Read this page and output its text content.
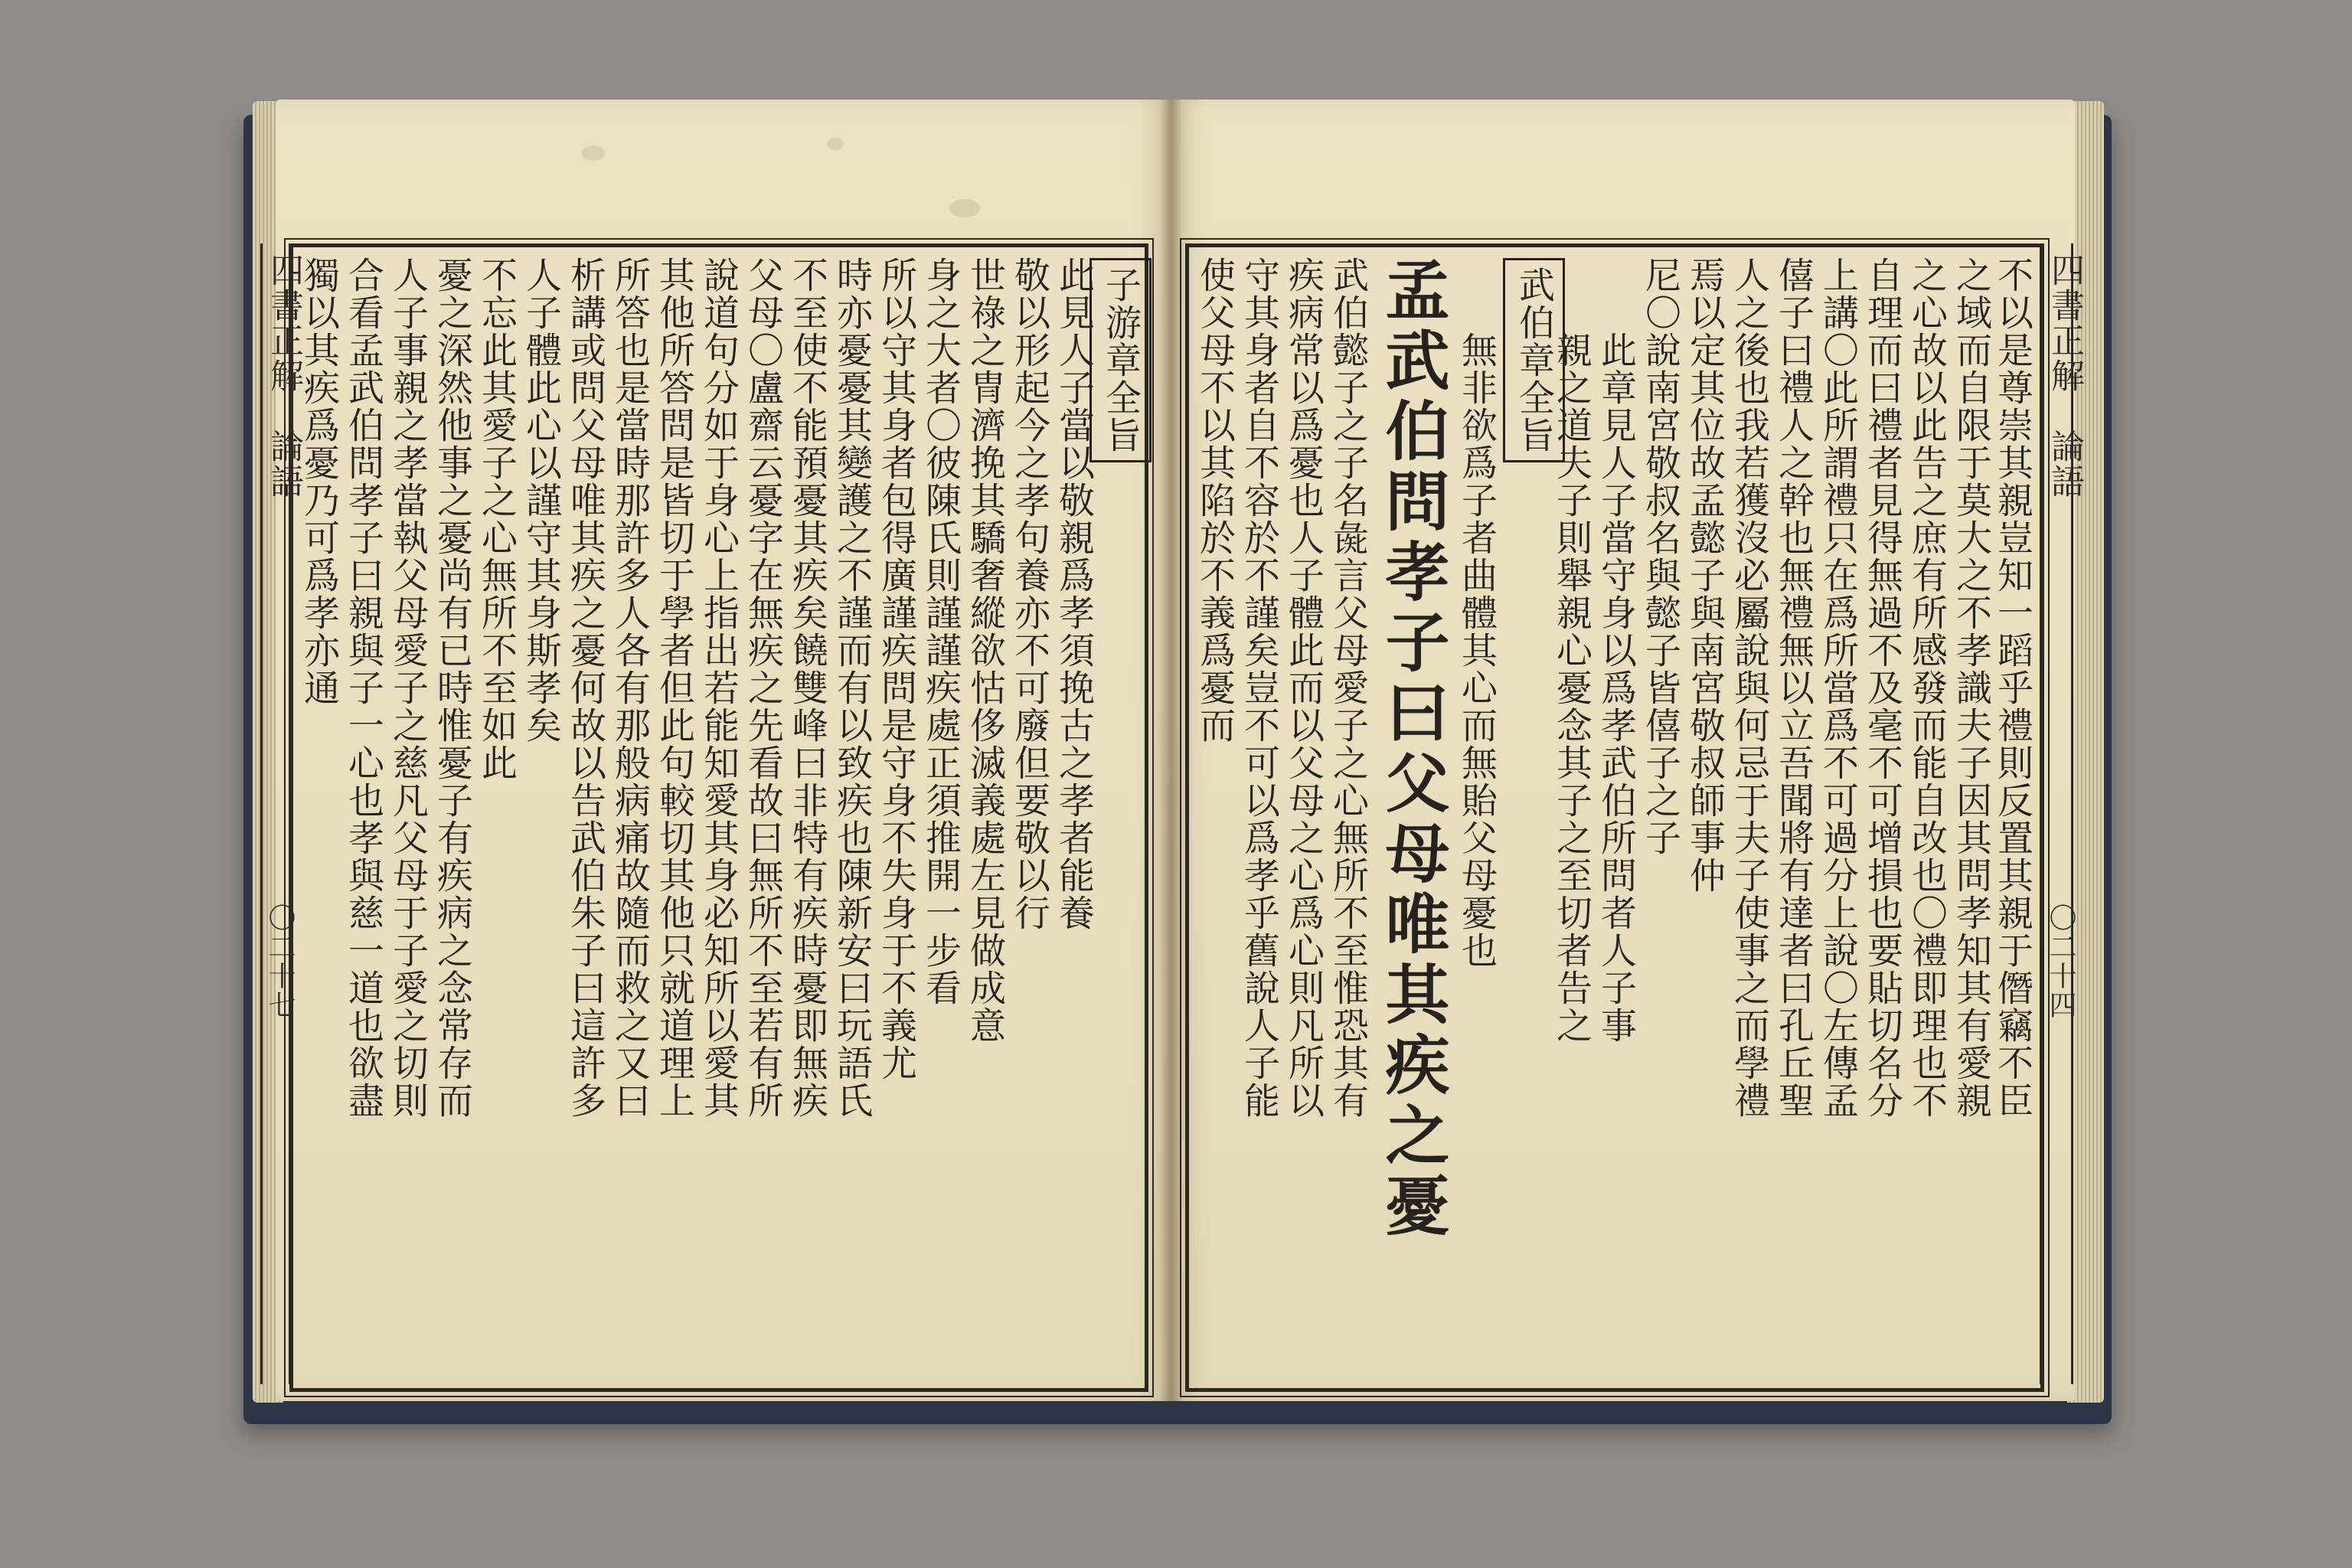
四書正解
論語
〇二十七
四書正解
論語
〇二十四
獨以其疾爲憂乃可爲孝亦通 合看孟武伯問孝子曰親與子一心也孝與慈一道也欲盡 人子事親之孝當執父母愛子之慈凡父母于子愛之切則 憂之深然他事之憂尚有已時惟憂子有疾病之念常存而 不忘此其愛子之心無所不至如此 人子體此心以謹守其身斯孝矣 析講或問父母唯其疾之憂何故以告武伯朱子曰這許多 所答也是當時那許多人各有那般病痛故隨而救之又曰 其他所答問是皆切于學者但此句較切其他只就道理上 說道句分如于身心上指出若能知愛其身必知所以愛其 父母〇盧齋云憂字在無疾之先看故曰無所不至若有所 不至使不能預憂其疾矣饒雙峰曰非特有疾時憂即無疾 時亦憂憂其變護之不謹而有以致疾也陳新安曰玩語氏 所以守其身者包得廣謹疾問是守身不失身于不義尤 身之大者〇彼陳氏則謹謹疾處正須推開一步看 世祿之冑濟挽其驕奢縱欲怙侈滅義處左見做成意 敬以形起今之孝句養亦不可廢但要敬以行 此見人子當以敬親爲孝須挽古之孝者能養 子游章全旨 使父母不以其陷於不義爲憂而 守其身者自不容於不謹矣豈不可以爲孝乎舊說人子能 疾病常以爲憂也人子體此而以父母之心爲心則凡所以 武伯懿子之子名彘言父母愛子之心無所不至惟恐其有 孟武伯問孝子曰父母唯其疾之憂 無非欲爲子者曲體其心而無貽父母憂也 武伯章全旨
親之道夫子則舉親心憂念其子之至切者告之 此章見人子當守身以爲孝武伯所問者人子事 尼〇說南宮敬叔名與懿子皆僖子之子 焉以定其位故孟懿子與南宮敬叔師事仲 人之後也我若獲沒必屬說與何忌于夫子使事之而學禮 僖子曰禮人之幹也無禮無以立吾聞將有達者曰孔丘聖 上講〇此所謂禮只在爲所當爲不可過分上說〇左傳孟 自理而曰禮者見得無過不及毫不可增損也要貼切名分 之心故以此告之庶有所感發而能自改也〇禮即理也不 之域而自限于莫大之不孝識夫子因其問孝知其有愛親 不以是尊崇其親豈知一蹈乎禮則反置其親于僭竊不臣
